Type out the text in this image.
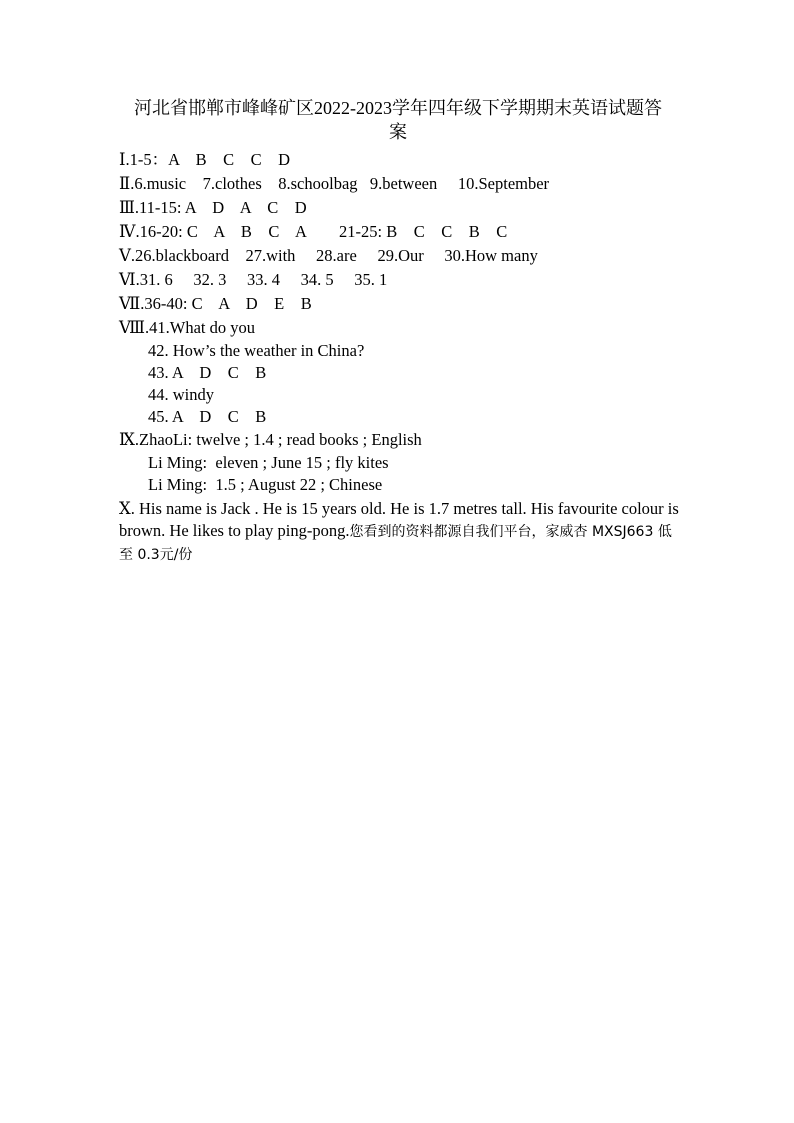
河北省邯郸市峰峰矿区2022-2023学年四年级下学期期末英语试题答
案
Ⅰ.1-5：A    B    C    C    D
Ⅱ.6.music    7.clothes    8.schoolbag   9.between     10.September
Ⅲ.11-15: A    D    A    C    D
Ⅳ.16-20: C    A    B    C    A        21-25: B    C    C    B    C
Ⅴ.26.blackboard    27.with     28.are     29.Our     30.How many
Ⅵ.31. 6     32. 3     33. 4     34. 5     35. 1
Ⅶ.36-40: C    A    D    E    B
Ⅷ.41.What do you
42. How’s the weather in China?
43. A    D    C    B
44. windy
45. A    D    C    B
Ⅸ.ZhaoLi: twelve ; 1.4 ; read books ; English
Li Ming:  eleven ; June 15 ; fly kites
Li Ming:  1.5 ; August 22 ; Chinese
Ⅹ. His name is Jack . He is 15 years old. He is 1.7 metres tall. His favourite colour is brown. He likes to play ping-pong.您看到的资料都源自我们平台，家威杏 MXSJ663 低至 0.3元/份
